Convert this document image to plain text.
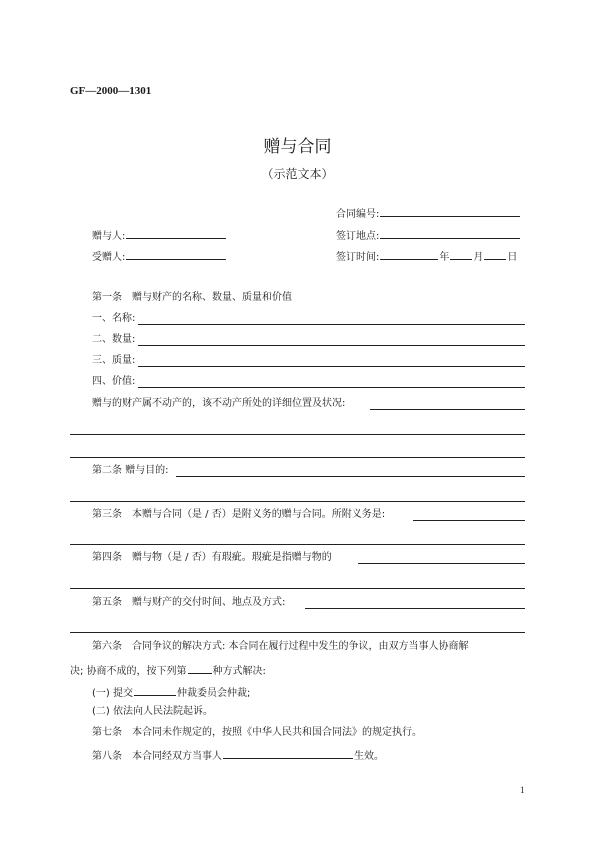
GF—2000—1301
赠与合同
（示范文本）
合同编号:
赠与人:	签订地点:
受赠人:	签订时间:	年 月 日
第一条　赠与财产的名称、数量、质量和价值
一、名称:
二、数量:
三、质量:
四、价值:
赠与的财产属不动产的，该不动产所处的详细位置及状况:
第二条 赠与目的:
第三条　本赠与合同（是 / 否）是附义务的赠与合同。所附义务是:
第四条　赠与物（是 / 否）有瑕疵。瑕疵是指赠与物的
第五条　赠与财产的交付时间、地点及方式:
第六条　合同争议的解决方式: 本合同在履行过程中发生的争议，由双方当事人协商解
决; 协商不成的，按下列第	种方式解决:
(一) 提交	仲裁委员会仲裁;
(二) 依法向人民法院起诉。
第七条　本合同未作规定的，按照《中华人民共和国合同法》的规定执行。
第八条　本合同经双方当事人	生效。
1
